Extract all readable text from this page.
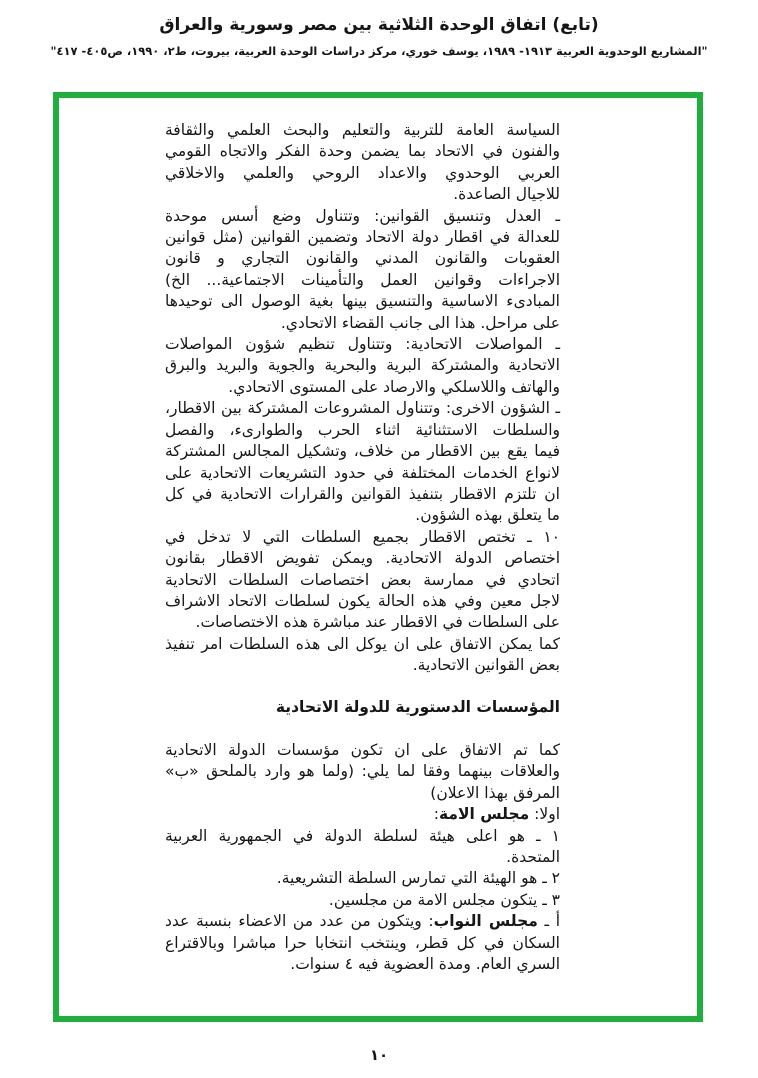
(تابع) اتفاق الوحدة الثلاثية بين مصر وسورية والعراق
"المشاريع الوحدوية العربية ١٩١٣- ١٩٨٩، يوسف خوري، مركز دراسات الوحدة العربية، بيروت، ط٢، ١٩٩٠، ص٤٠٥- ٤١٧"
السياسة العامة للتربية والتعليم والبحث العلمي والثقافة
والفنون في الاتحاد بما يضمن وحدة الفكر والاتجاه القومي
العربي الوحدوي والاعداد الروحي والعلمي والاخلاقي
للاجيال الصاعدة.
ـ العدل وتنسيق القوانين: وتتناول وضع أسس موحدة
للعدالة في اقطار دولة الاتحاد وتضمين القوانين (مثل قوانين
العقوبات والقانون المدني والقانون التجاري و قانون
الاجراءات وقوانين العمل والتأمينات الاجتماعية... الخ)
المبادىء الاساسية والتنسيق بينها بغية الوصول الى توحيدها
على مراحل. هذا الى جانب القضاء الاتحادي.
ـ المواصلات الاتحادية: وتتناول تنظيم شؤون المواصلات
الاتحادية والمشتركة البرية والبحرية والجوية والبريد والبرق
والهاتف واللاسلكي والارصاد على المستوى الاتحادي.
ـ الشؤون الاخرى: وتتناول المشروعات المشتركة بين الاقطار،
والسلطات الاستثنائية اثناء الحرب والطوارىء، والفصل
فيما يقع بين الاقطار من خلاف، وتشكيل المجالس المشتركة
لانواع الخدمات المختلفة في حدود التشريعات الاتحادية على
ان تلتزم الاقطار بتنفيذ القوانين والقرارات الاتحادية في كل
ما يتعلق بهذه الشؤون.
١٠ ـ تختص الاقطار بجميع السلطات التي لا تدخل في
اختصاص الدولة الاتحادية. ويمكن تفويض الاقطار بقانون
اتحادي في ممارسة بعض اختصاصات السلطات الاتحادية
لاجل معين وفي هذه الحالة يكون لسلطات الاتحاد الاشراف
على السلطات في الاقطار عند مباشرة هذه الاختصاصات.
كما يمكن الاتفاق على ان يوكل الى هذه السلطات امر تنفيذ
بعض القوانين الاتحادية.
المؤسسات الدستورية للدولة الاتحادية
كما تم الاتفاق على ان تكون مؤسسات الدولة الاتحادية
والعلاقات بينهما وفقا لما يلي: (ولما هو وارد بالملحق «ب»
المرفق بهذا الاعلان)
اولا: مجلس الامة:
١ ـ هو اعلى هيئة لسلطة الدولة في الجمهورية العربية
المتحدة.
٢ ـ هو الهيئة التي تمارس السلطة التشريعية.
٣ ـ يتكون مجلس الامة من مجلسين.
أ ـ مجلس النواب: ويتكون من عدد من الاعضاء بنسبة عدد
السكان في كل قطر، وينتخب انتخابا حرا مباشرا وبالاقتراع
السري العام. ومدة العضوية فيه ٤ سنوات.
١٠
